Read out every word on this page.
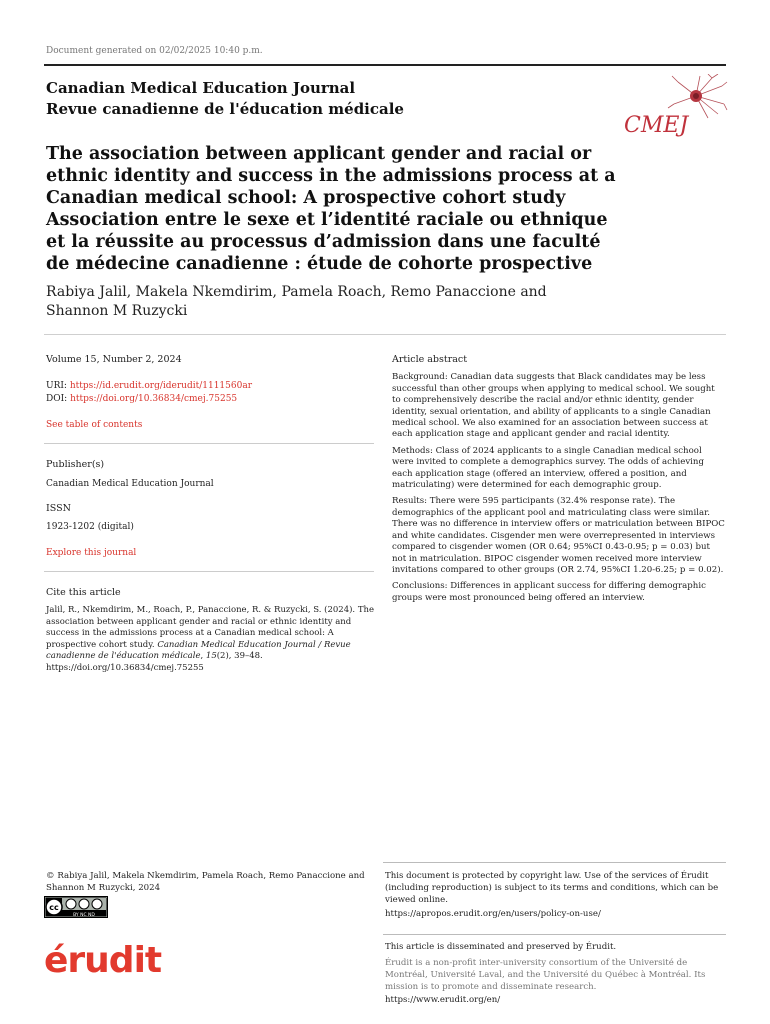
Document generated on 02/02/2025 10:40 p.m.
Canadian Medical Education Journal
Revue canadienne de l'éducation médicale
CMEJ
The association between applicant gender and racial or ethnic identity and success in the admissions process at a Canadian medical school: A prospective cohort study
Association entre le sexe et l’identité raciale ou ethnique et la réussite au processus d’admission dans une faculté de médecine canadienne : étude de cohorte prospective
Rabiya Jalil, Makela Nkemdirim, Pamela Roach, Remo Panaccione and Shannon M Ruzycki
Volume 15, Number 2, 2024
URI: https://id.erudit.org/iderudit/1111560ar
DOI: https://doi.org/10.36834/cmej.75255
See table of contents
Publisher(s)
Canadian Medical Education Journal
ISSN
1923-1202 (digital)
Explore this journal
Cite this article
Jalil, R., Nkemdirim, M., Roach, P., Panaccione, R. & Ruzycki, S. (2024). The association between applicant gender and racial or ethnic identity and success in the admissions process at a Canadian medical school: A prospective cohort study. Canadian Medical Education Journal / Revue canadienne de l'éducation médicale, 15(2), 39–48. https://doi.org/10.36834/cmej.75255

Article abstract

Background: Canadian data suggests that Black candidates may be less successful than other groups when applying to medical school. We sought to comprehensively describe the racial and/or ethnic identity, gender identity, sexual orientation, and ability of applicants to a single Canadian medical school. We also examined for an association between success at each application stage and applicant gender and racial identity.

Methods: Class of 2024 applicants to a single Canadian medical school were invited to complete a demographics survey. The odds of achieving each application stage (offered an interview, offered a position, and matriculating) were determined for each demographic group.

Results: There were 595 participants (32.4% response rate). The demographics of the applicant pool and matriculating class were similar. There was no difference in interview offers or matriculation between BIPOC and white candidates. Cisgender men were overrepresented in interviews compared to cisgender women (OR 0.64; 95%CI 0.43-0.95; p = 0.03) but not in matriculation. BIPOC cisgender women received more interview invitations compared to other groups (OR 2.74, 95%CI 1.20-6.25; p = 0.02).

Conclusions: Differences in applicant success for differing demographic groups were most pronounced being offered an interview.

© Rabiya Jalil, Makela Nkemdirim, Pamela Roach, Remo Panaccione and Shannon M Ruzycki, 2024
cc
BY NC ND
This document is protected by copyright law. Use of the services of Érudit (including reproduction) is subject to its terms and conditions, which can be viewed online.
https://apropos.erudit.org/en/users/policy-on-use/
érudit	This article is disseminated and preserved by Érudit.
Érudit is a non-profit inter-university consortium of the Université de Montréal, Université Laval, and the Université du Québec à Montréal. Its mission is to promote and disseminate research.
https://www.erudit.org/en/
